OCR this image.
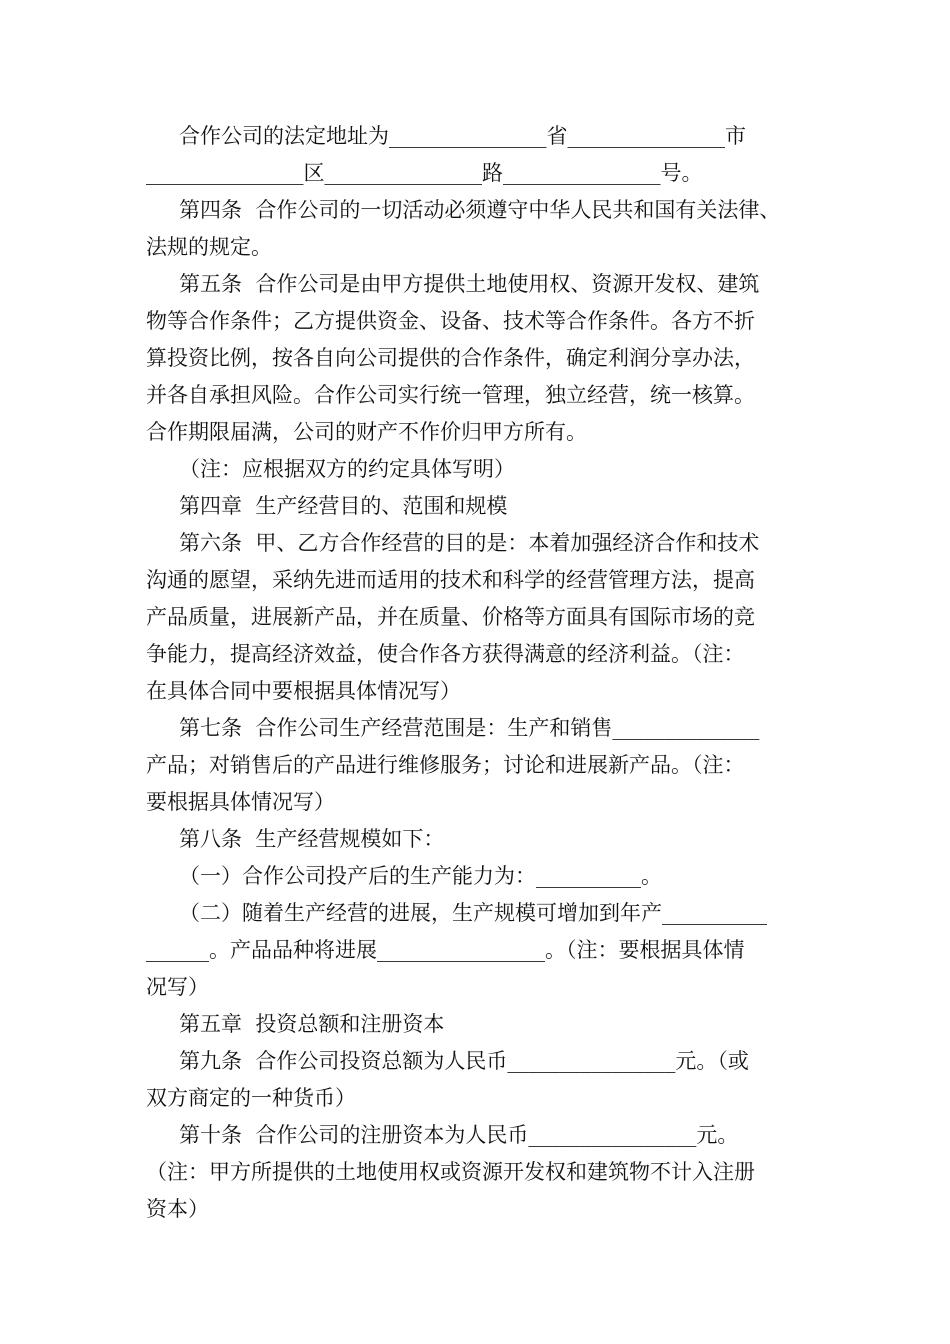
合作公司的法定地址为_______________省_______________市
_______________区_______________路_______________号。
第四条  合作公司的一切活动必须遵守中华人民共和国有关法律、
法规的规定。
第五条  合作公司是由甲方提供土地使用权、资源开发权、建筑
物等合作条件；乙方提供资金、设备、技术等合作条件。各方不折
算投资比例，按各自向公司提供的合作条件，确定利润分享办法，
并各自承担风险。合作公司实行统一管理，独立经营，统一核算。
合作期限届满，公司的财产不作价归甲方所有。
（注：应根据双方的约定具体写明）
第四章  生产经营目的、范围和规模
第六条  甲、乙方合作经营的目的是：本着加强经济合作和技术
沟通的愿望，采纳先进而适用的技术和科学的经营管理方法，提高
产品质量，进展新产品，并在质量、价格等方面具有国际市场的竞
争能力，提高经济效益，使合作各方获得满意的经济利益。（注：
在具体合同中要根据具体情况写）
第七条  合作公司生产经营范围是：生产和销售______________
产品；对销售后的产品进行维修服务；讨论和进展新产品。（注：
要根据具体情况写）
第八条  生产经营规模如下：
（一）合作公司投产后的生产能力为：__________。
（二）随着生产经营的进展，生产规模可增加到年产__________
______。产品品种将进展________________。（注：要根据具体情
况写）
第五章  投资总额和注册资本
第九条  合作公司投资总额为人民币________________元。（或
双方商定的一种货币）
第十条  合作公司的注册资本为人民币________________元。
（注：甲方所提供的土地使用权或资源开发权和建筑物不计入注册
资本）
